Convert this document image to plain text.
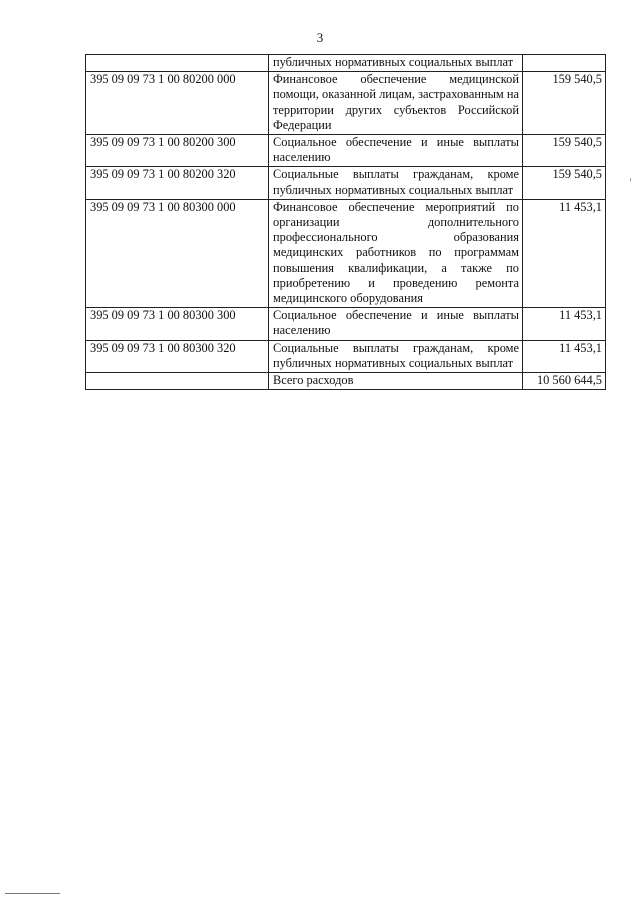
3
	публичных нормативных социальных выплат	
395 09 09 73 1 00 80200 000	Финансовое обеспечение медицинской помощи, оказанной лицам, застрахованным на территории других субъектов Российской Федерации	159 540,5
395 09 09 73 1 00 80200 300	Социальное обеспечение и иные выплаты населению	159 540,5
395 09 09 73 1 00 80200 320	Социальные выплаты гражданам, кроме публичных нормативных социальных выплат	159 540,5
395 09 09 73 1 00 80300 000	Финансовое обеспечение мероприятий по организации дополнительного профессионального образования медицинских работников по программам повышения квалификации, а также по приобретению и проведению ремонта медицинского оборудования	11 453,1
395 09 09 73 1 00 80300 300	Социальное обеспечение и иные выплаты населению	11 453,1
395 09 09 73 1 00 80300 320	Социальные выплаты гражданам, кроме публичных нормативных социальных выплат	11 453,1
	Всего расходов	10 560 644,5
